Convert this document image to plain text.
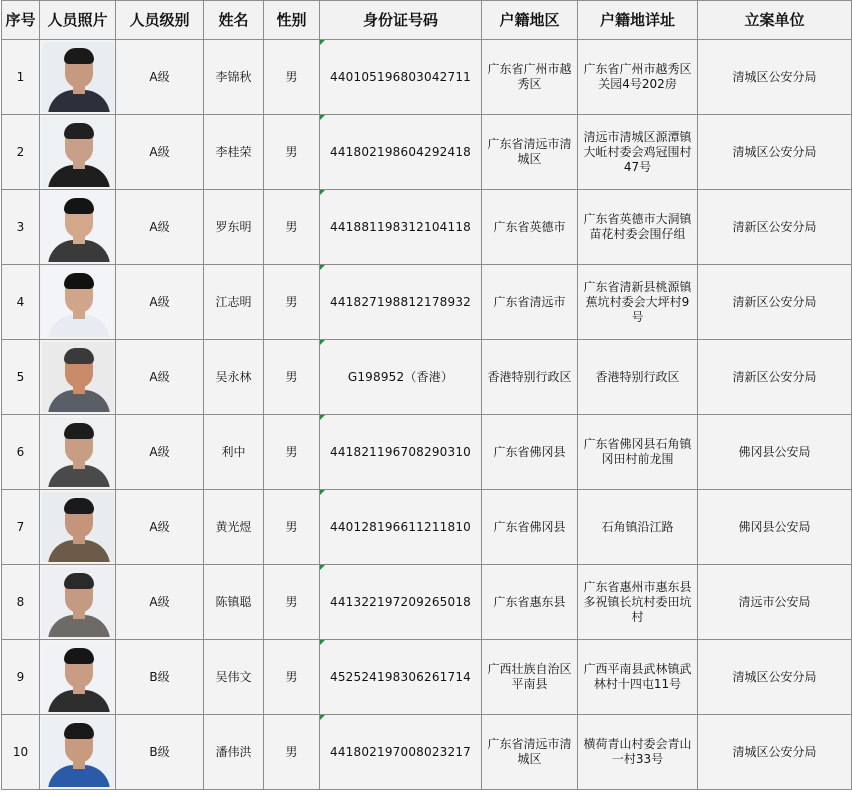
序号	人员照片	人员级别	姓名	性别	身份证号码	户籍地区	户籍地详址	立案单位
1		A级	李锦秋	男	440105196803042711	广东省广州市越秀区	广东省广州市越秀区关园4号202房	清城区公安分局
2		A级	李桂荣	男	441802198604292418	广东省清远市清城区	清远市清城区源潭镇大岴村委会鸡冠围村47号	清城区公安分局
3		A级	罗东明	男	441881198312104118	广东省英德市	广东省英德市大洞镇苗花村委会围仔组	清新区公安分局
4		A级	江志明	男	441827198812178932	广东省清远市	广东省清新县桃源镇蕉坑村委会大坪村9号	清新区公安分局
5		A级	吴永林	男	G198952（香港）	香港特别行政区	香港特别行政区	清新区公安分局
6		A级	利中	男	441821196708290310	广东省佛冈县	广东省佛冈县石角镇冈田村前龙围	佛冈县公安局
7		A级	黄光煜	男	440128196611211810	广东省佛冈县	石角镇沿江路	佛冈县公安局
8		A级	陈镇聪	男	441322197209265018	广东省惠东县	广东省惠州市惠东县多祝镇长坑村委田坑村	清远市公安局
9		B级	吴伟文	男	452524198306261714	广西壮族自治区平南县	广西平南县武林镇武林村十四屯11号	清城区公安分局
10		B级	潘伟洪	男	441802197008023217	广东省清远市清城区	横荷青山村委会青山一村33号	清城区公安分局
